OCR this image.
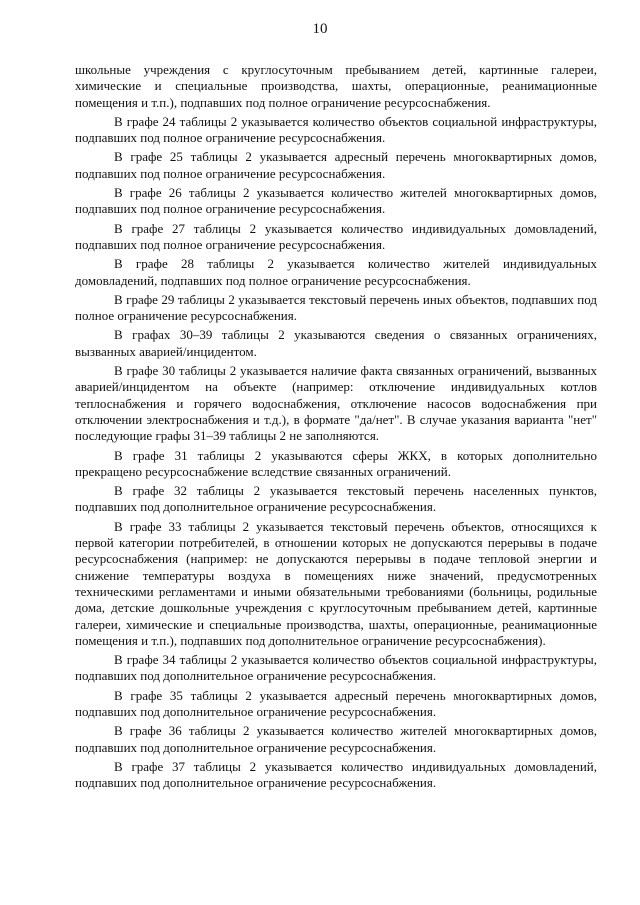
10

школьные учреждения с круглосуточным пребыванием детей, картинные галереи, химические и специальные производства, шахты, операционные, реанимационные помещения и т.п.), подпавших под полное ограничение ресурсоснабжения.

В графе 24 таблицы 2 указывается количество объектов социальной инфраструктуры, подпавших под полное ограничение ресурсоснабжения.

В графе 25 таблицы 2 указывается адресный перечень многоквартирных домов, подпавших под полное ограничение ресурсоснабжения.

В графе 26 таблицы 2 указывается количество жителей многоквартирных домов, подпавших под полное ограничение ресурсоснабжения.

В графе 27 таблицы 2 указывается количество индивидуальных домовладений, подпавших под полное ограничение ресурсоснабжения.

В графе 28 таблицы 2 указывается количество жителей индивидуальных домовладений, подпавших под полное ограничение ресурсоснабжения.

В графе 29 таблицы 2 указывается текстовый перечень иных объектов, подпавших под полное ограничение ресурсоснабжения.

В графах 30–39 таблицы 2 указываются сведения о связанных ограничениях, вызванных аварией/инцидентом.

В графе 30 таблицы 2 указывается наличие факта связанных ограничений, вызванных аварией/инцидентом на объекте (например: отключение индивидуальных котлов теплоснабжения и горячего водоснабжения, отключение насосов водоснабжения при отключении электроснабжения и т.д.), в формате "да/нет". В случае указания варианта "нет" последующие графы 31–39 таблицы 2 не заполняются.

В графе 31 таблицы 2 указываются сферы ЖКХ, в которых дополнительно прекращено ресурсоснабжение вследствие связанных ограничений.

В графе 32 таблицы 2 указывается текстовый перечень населенных пунктов, подпавших под дополнительное ограничение ресурсоснабжения.

В графе 33 таблицы 2 указывается текстовый перечень объектов, относящихся к первой категории потребителей, в отношении которых не допускаются перерывы в подаче ресурсоснабжения (например: не допускаются перерывы в подаче тепловой энергии и снижение температуры воздуха в помещениях ниже значений, предусмотренных техническими регламентами и иными обязательными требованиями (больницы, родильные дома, детские дошкольные учреждения с круглосуточным пребыванием детей, картинные галереи, химические и специальные производства, шахты, операционные, реанимационные помещения и т.п.), подпавших под дополнительное ограничение ресурсоснабжения).

В графе 34 таблицы 2 указывается количество объектов социальной инфраструктуры, подпавших под дополнительное ограничение ресурсоснабжения.

В графе 35 таблицы 2 указывается адресный перечень многоквартирных домов, подпавших под дополнительное ограничение ресурсоснабжения.

В графе 36 таблицы 2 указывается количество жителей многоквартирных домов, подпавших под дополнительное ограничение ресурсоснабжения.

В графе 37 таблицы 2 указывается количество индивидуальных домовладений, подпавших под дополнительное ограничение ресурсоснабжения.
